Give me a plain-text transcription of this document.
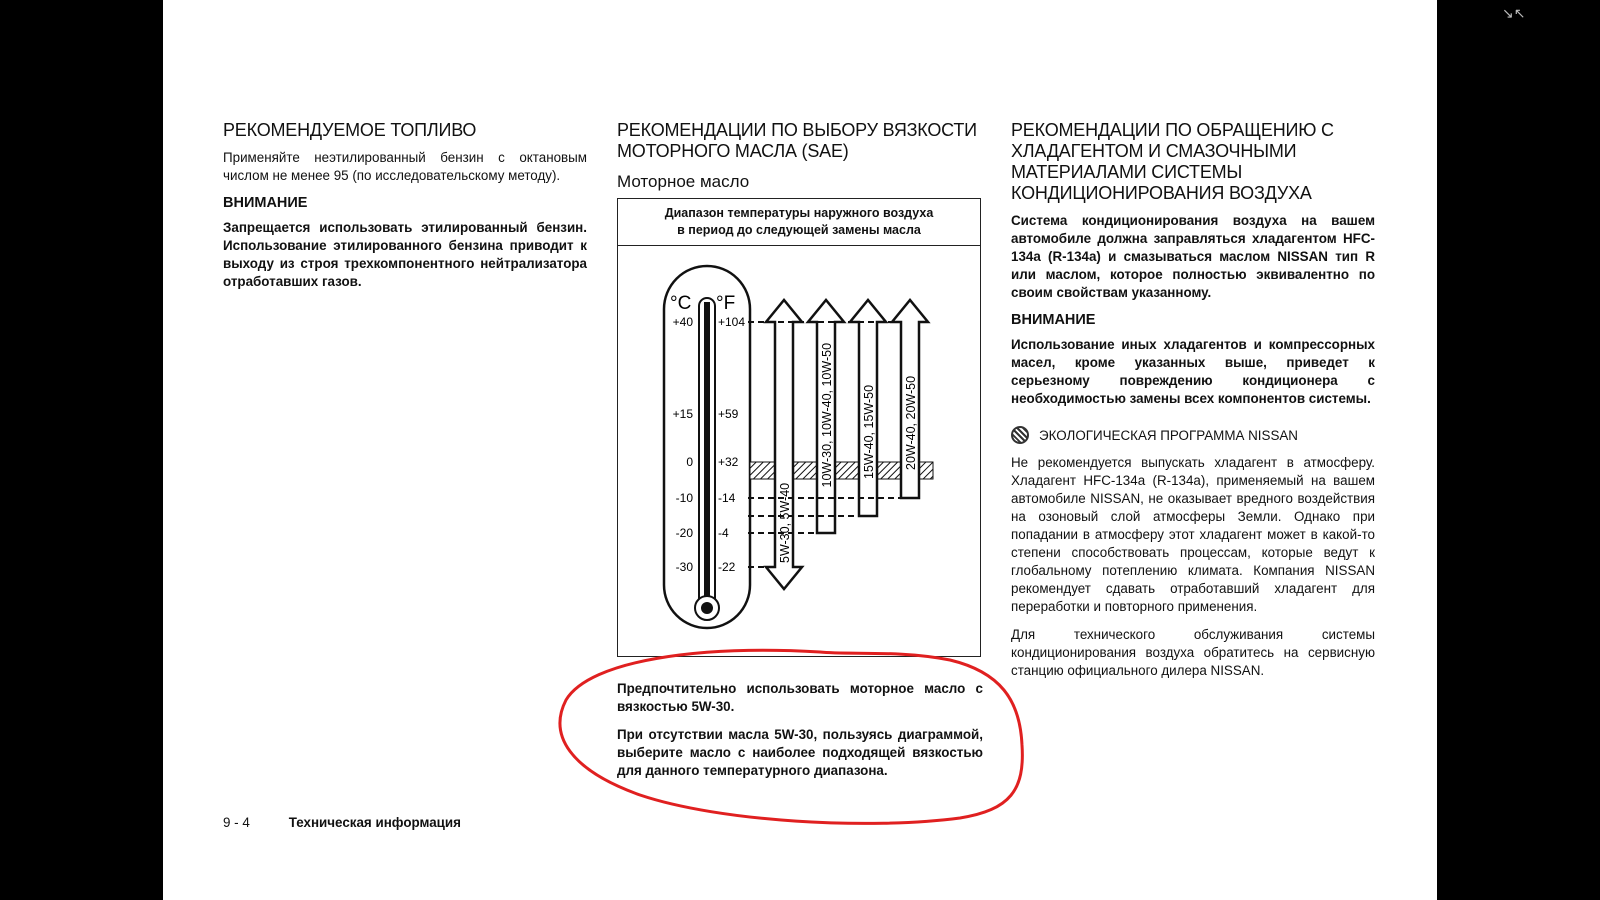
РЕКОМЕНДУЕМОЕ ТОПЛИВО

Применяйте неэтилированный бензин с октановым числом не менее 95 (по исследовательскому методу).

ВНИМАНИЕ

Запрещается использовать этилированный бензин. Использование этилированного бензина приводит к выходу из строя трехкомпонентного нейтрализатора отработавших газов.

РЕКОМЕНДАЦИИ ПО ВЫБОРУ ВЯЗКОСТИ МОТОРНОГО МАСЛА (SAE)
Моторное масло
Диапазон температуры наружного воздуха
в период до следующей замены масла
°C °F
+40 +104
+15 +59
0 +32
-10 -14
-20 -4
-30 -22
5W-30, 5W-40
10W-30, 10W-40, 10W-50 15W-40, 15W-50 20W-40, 20W-50

Предпочтительно использовать моторное масло с вязкостью 5W-30.

При отсутствии масла 5W-30, пользуясь диаграммой, выберите масло с наиболее подходящей вязкостью для данного температурного диапазона.

РЕКОМЕНДАЦИИ ПО ОБРАЩЕНИЮ С ХЛАДАГЕНТОМ И СМАЗОЧНЫМИ МАТЕРИАЛАМИ СИСТЕМЫ КОНДИЦИОНИРОВАНИЯ ВОЗДУХА

Система кондиционирования воздуха на вашем автомобиле должна заправляться хладагентом HFC-134a (R-134a) и смазываться маслом NISSAN тип R или маслом, которое полностью эквивалентно по своим свойствам указанному.

ВНИМАНИЕ

Использование иных хладагентов и компрессорных масел, кроме указанных выше, приведет к серьезному повреждению кондиционера с необходимостью замены всех компонентов системы.

ЭКОЛОГИЧЕСКАЯ ПРОГРАММА NISSAN

Не рекомендуется выпускать хладагент в атмосферу. Хладагент HFC-134a (R-134a), применяемый на вашем автомобиле NISSAN, не оказывает вредного воздействия на озоновый слой атмосферы Земли. Однако при попадании в атмосферу этот хладагент может в какой-то степени способствовать процессам, которые ведут к глобальному потеплению климата. Компания NISSAN рекомендует сдавать отработавший хладагент для переработки и повторного применения.

Для технического обслуживания системы кондиционирования воздуха обратитесь на сервисную станцию официального дилера NISSAN.

9 - 4	Техническая информация
↘↖
